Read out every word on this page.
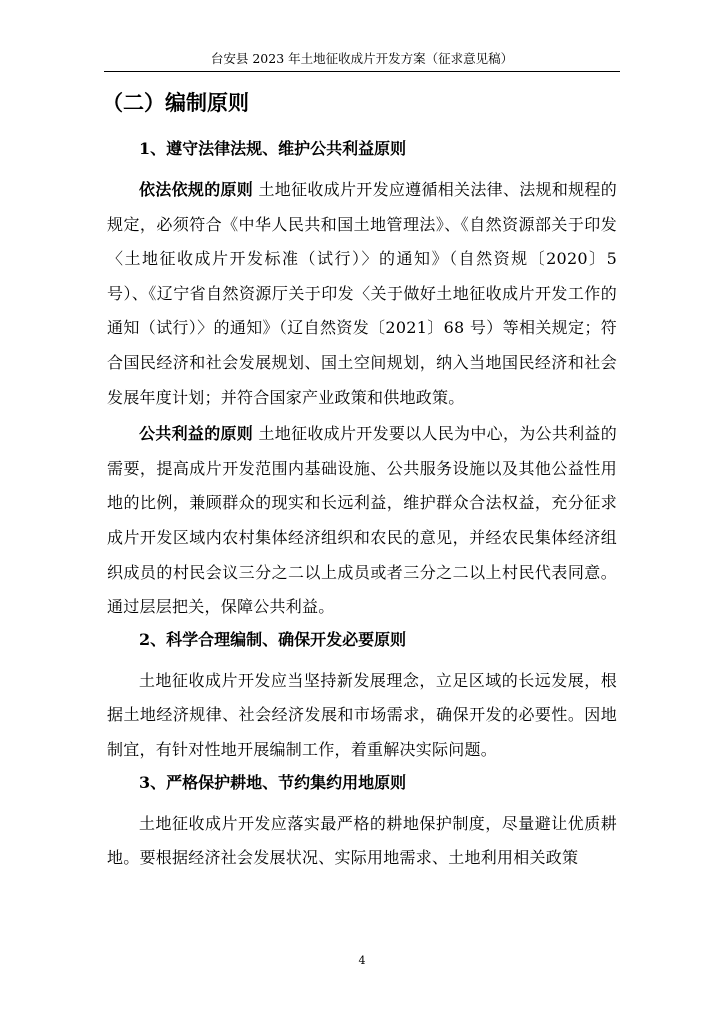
台安县 2023 年土地征收成片开发方案（征求意见稿）
（二）编制原则
1、遵守法律法规、维护公共利益原则

依法依规的原则 土地征收成片开发应遵循相关法律、法规和规程的规定，必须符合《中华人民共和国土地管理法》、《自然资源部关于印发〈土地征收成片开发标准（试行）〉的通知》（自然资规〔2020〕5 号）、《辽宁省自然资源厅关于印发〈关于做好土地征收成片开发工作的通知（试行）〉的通知》（辽自然资发〔2021〕68 号）等相关规定；符合国民经济和社会发展规划、国土空间规划，纳入当地国民经济和社会发展年度计划；并符合国家产业政策和供地政策。

公共利益的原则 土地征收成片开发要以人民为中心，为公共利益的需要，提高成片开发范围内基础设施、公共服务设施以及其他公益性用地的比例，兼顾群众的现实和长远利益，维护群众合法权益，充分征求成片开发区域内农村集体经济组织和农民的意见，并经农民集体经济组织成员的村民会议三分之二以上成员或者三分之二以上村民代表同意。通过层层把关，保障公共利益。

2、科学合理编制、确保开发必要原则

土地征收成片开发应当坚持新发展理念，立足区域的长远发展，根据土地经济规律、社会经济发展和市场需求，确保开发的必要性。因地制宜，有针对性地开展编制工作，着重解决实际问题。

3、严格保护耕地、节约集约用地原则

土地征收成片开发应落实最严格的耕地保护制度，尽量避让优质耕地。要根据经济社会发展状况、实际用地需求、土地利用相关政策

4
